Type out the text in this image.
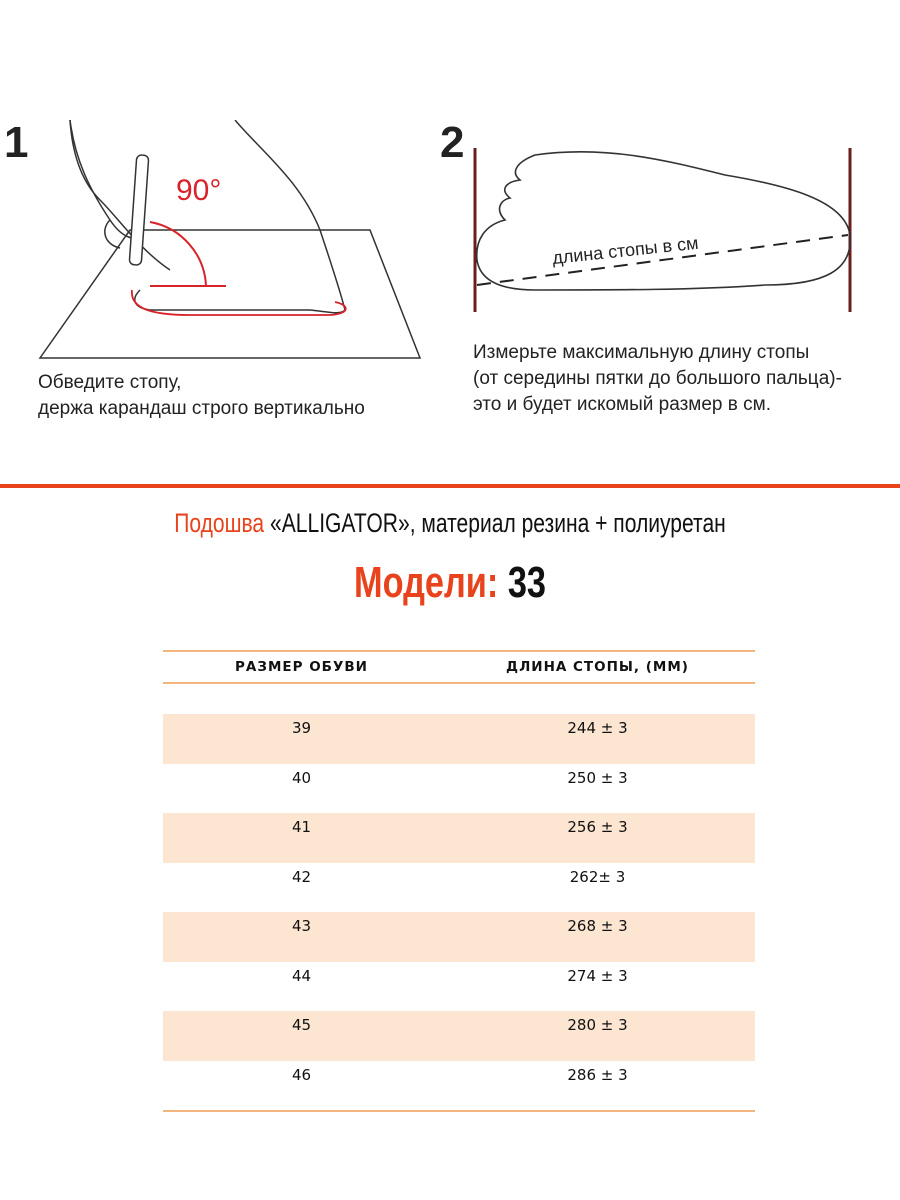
1
90°
Обведите стопу,
держа карандаш строго вертикально
2
длина стопы в см
Измерьте максимальную длину стопы
(от середины пятки до большого пальца)-
это и будет искомый размер в см.
Подошва «ALLIGATOR», материал резина + полиуретан
Модели: 33
РАЗМЕР ОБУВИ	ДЛИНА СТОПЫ, (ММ)

39	244 ± 3
40	250 ± 3
41	256 ± 3
42	262± 3
43	268 ± 3
44	274 ± 3
45	280 ± 3
46	286 ± 3
